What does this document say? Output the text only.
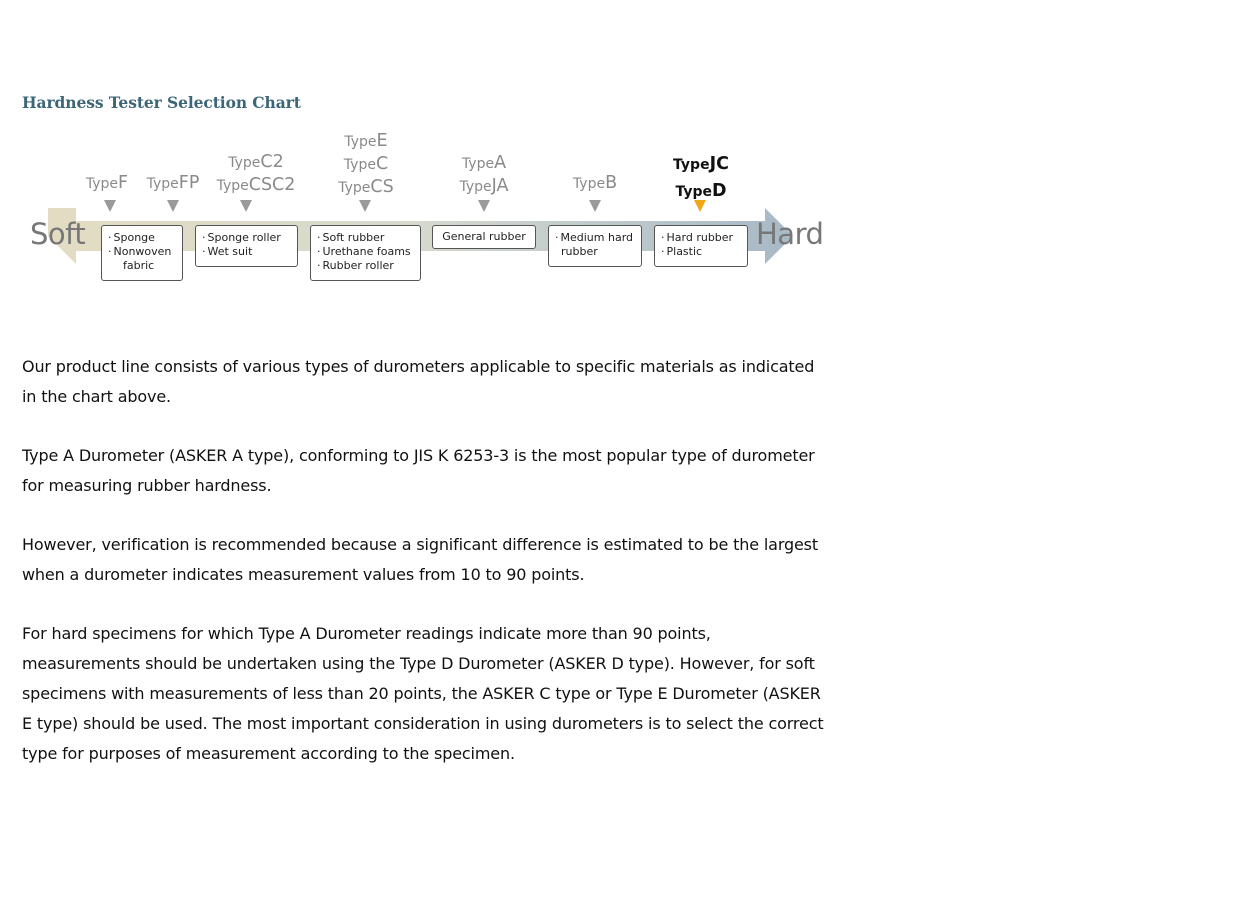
Hardness Tester Selection Chart
Soft	Hard
TypeF	TypeFP
TypeC2
TypeCSC2
TypeE
TypeC
TypeCS
TypeA
TypeJA	TypeB
TypeJC
TypeD
· Sponge
· Nonwoven
fabric
· Sponge roller
· Wet suit
· Soft rubber
· Urethane foams
· Rubber roller
General rubber	· Medium hard
rubber
· Hard rubber
· Plastic

Our product line consists of various types of durometers applicable to specific materials as indicated in the chart above.

Type A Durometer (ASKER A type), conforming to JIS K 6253-3 is the most popular type of durometer for measuring rubber hardness.

However, verification is recommended because a significant difference is estimated to be the largest when a durometer indicates measurement values from 10 to 90 points.

For hard specimens for which Type A Durometer readings indicate more than 90 points, measurements should be undertaken using the Type D Durometer (ASKER D type). However, for soft specimens with measurements of less than 20 points, the ASKER C type or Type E Durometer (ASKER E type) should be used. The most important consideration in using durometers is to select the correct type for purposes of measurement according to the specimen.
